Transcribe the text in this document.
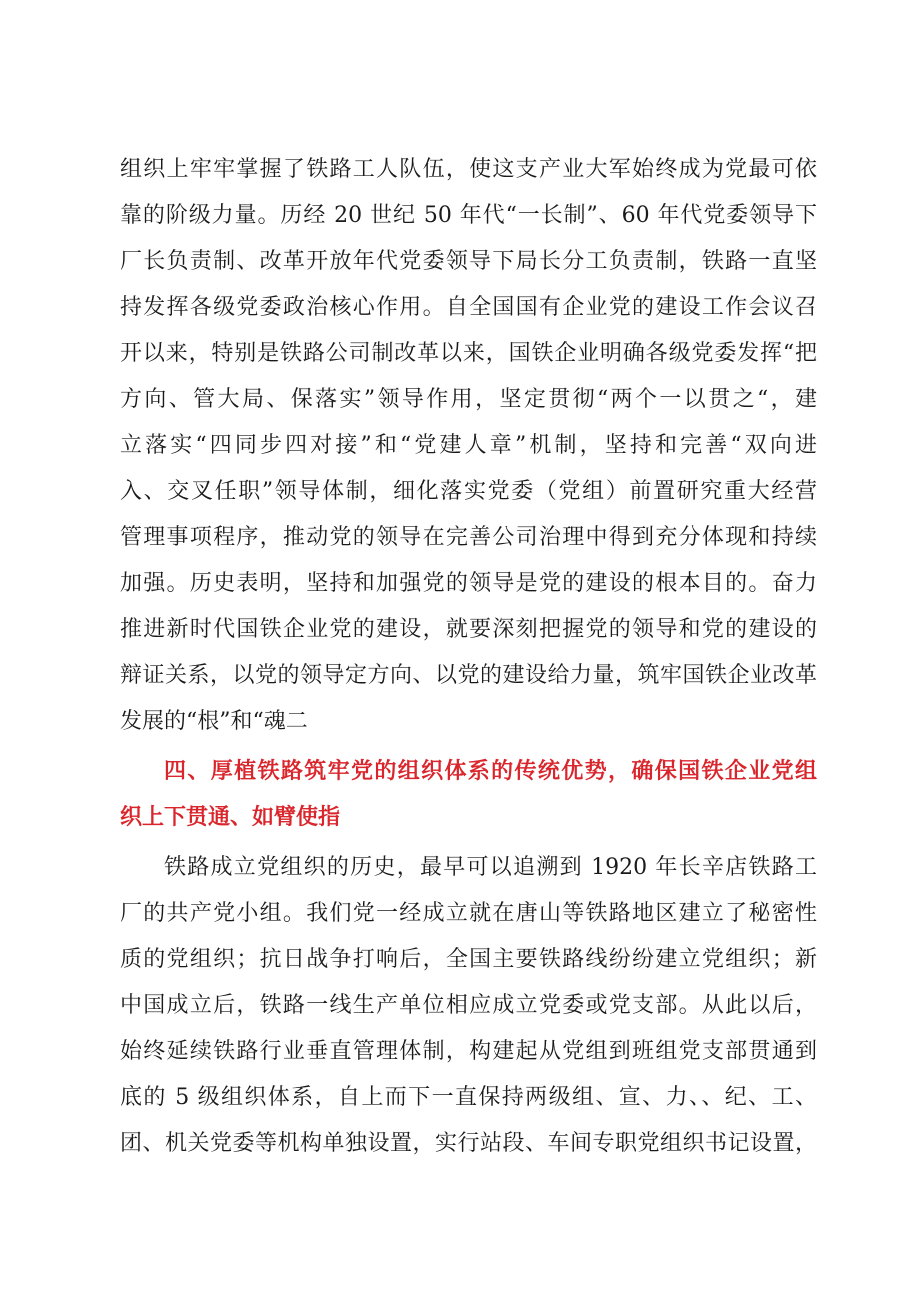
组织上牢牢掌握了铁路工人队伍，使这支产业大军始终成为党最可依
靠的阶级力量。历经 20 世纪 50 年代“一长制”、60 年代党委领导下
厂长负责制、改革开放年代党委领导下局长分工负责制，铁路一直坚
持发挥各级党委政治核心作用。自全国国有企业党的建设工作会议召
开以来，特别是铁路公司制改革以来，国铁企业明确各级党委发挥“把
方向、管大局、保落实”领导作用，坚定贯彻“两个一以贯之“，建
立落实“四同步四对接”和“党建人章”机制，坚持和完善“双向进
入、交叉任职”领导体制，细化落实党委（党组）前置研究重大经营
管理事项程序，推动党的领导在完善公司治理中得到充分体现和持续
加强。历史表明，坚持和加强党的领导是党的建设的根本目的。奋力
推进新时代国铁企业党的建设，就要深刻把握党的领导和党的建设的
辩证关系，以党的领导定方向、以党的建设给力量，筑牢国铁企业改革
发展的“根”和“魂二
四、厚植铁路筑牢党的组织体系的传统优势，确保国铁企业党组
织上下贯通、如臂使指
铁路成立党组织的历史，最早可以追溯到 1920 年长辛店铁路工
厂的共产党小组。我们党一经成立就在唐山等铁路地区建立了秘密性
质的党组织；抗日战争打响后，全国主要铁路线纷纷建立党组织；新
中国成立后，铁路一线生产单位相应成立党委或党支部。从此以后，
始终延续铁路行业垂直管理体制，构建起从党组到班组党支部贯通到
底的 5 级组织体系，自上而下一直保持两级组、宣、力、、纪、工、
团、机关党委等机构单独设置，实行站段、车间专职党组织书记设置，
